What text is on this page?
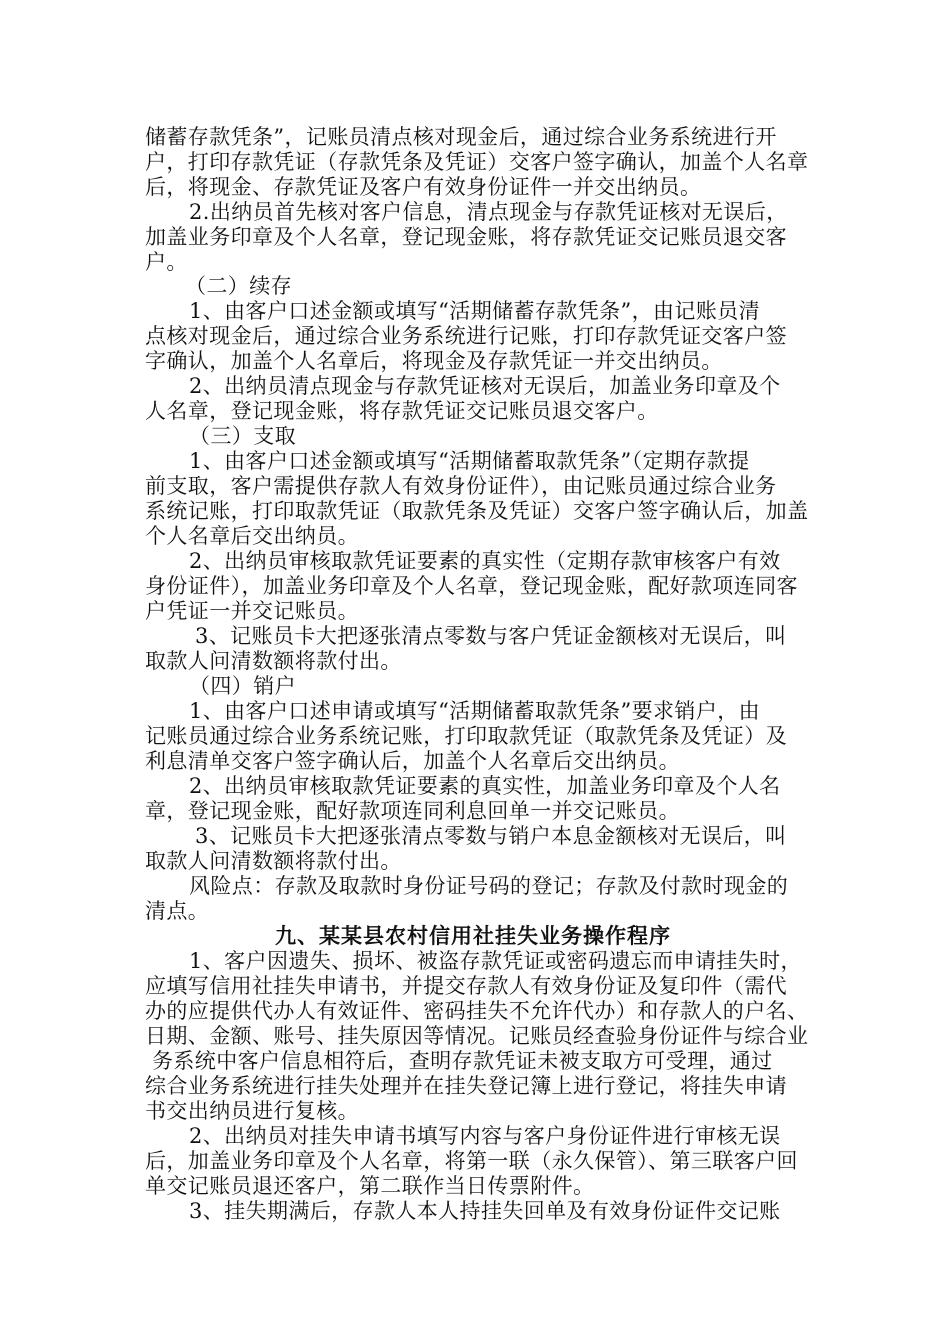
储蓄存款凭条”，记账员清点核对现金后，通过综合业务系统进行开
户，打印存款凭证（存款凭条及凭证）交客户签字确认，加盖个人名章
后，将现金、存款凭证及客户有效身份证件一并交出纳员。
2.出纳员首先核对客户信息，清点现金与存款凭证核对无误后，
加盖业务印章及个人名章，登记现金账，将存款凭证交记账员退交客
户。
（二）续存
1、由客户口述金额或填写“活期储蓄存款凭条”，由记账员清
点核对现金后，通过综合业务系统进行记账，打印存款凭证交客户签
字确认，加盖个人名章后，将现金及存款凭证一并交出纳员。
2、出纳员清点现金与存款凭证核对无误后，加盖业务印章及个
人名章，登记现金账，将存款凭证交记账员退交客户。
（三）支取
1、由客户口述金额或填写“活期储蓄取款凭条”（定期存款提
前支取，客户需提供存款人有效身份证件），由记账员通过综合业务
系统记账，打印取款凭证（取款凭条及凭证）交客户签字确认后，加盖
个人名章后交出纳员。
2、出纳员审核取款凭证要素的真实性（定期存款审核客户有效
身份证件），加盖业务印章及个人名章，登记现金账，配好款项连同客
户凭证一并交记账员。
3、记账员卡大把逐张清点零数与客户凭证金额核对无误后，叫
取款人问清数额将款付出。
（四）销户
1、由客户口述申请或填写“活期储蓄取款凭条”要求销户，由
记账员通过综合业务系统记账，打印取款凭证（取款凭条及凭证）及
利息清单交客户签字确认后，加盖个人名章后交出纳员。
2、出纳员审核取款凭证要素的真实性，加盖业务印章及个人名
章，登记现金账，配好款项连同利息回单一并交记账员。
3、记账员卡大把逐张清点零数与销户本息金额核对无误后，叫
取款人问清数额将款付出。
风险点：存款及取款时身份证号码的登记；存款及付款时现金的
清点。
九、某某县农村信用社挂失业务操作程序
1、客户因遗失、损坏、被盗存款凭证或密码遗忘而申请挂失时，
应填写信用社挂失申请书，并提交存款人有效身份证及复印件（需代
办的应提供代办人有效证件、密码挂失不允许代办）和存款人的户名、
日期、金额、账号、挂失原因等情况。记账员经查验身份证件与综合业
务系统中客户信息相符后，查明存款凭证未被支取方可受理，通过
综合业务系统进行挂失处理并在挂失登记簿上进行登记，将挂失申请
书交出纳员进行复核。
2、出纳员对挂失申请书填写内容与客户身份证件进行审核无误
后，加盖业务印章及个人名章，将第一联（永久保管）、第三联客户回
单交记账员退还客户，第二联作当日传票附件。
3、挂失期满后，存款人本人持挂失回单及有效身份证件交记账
